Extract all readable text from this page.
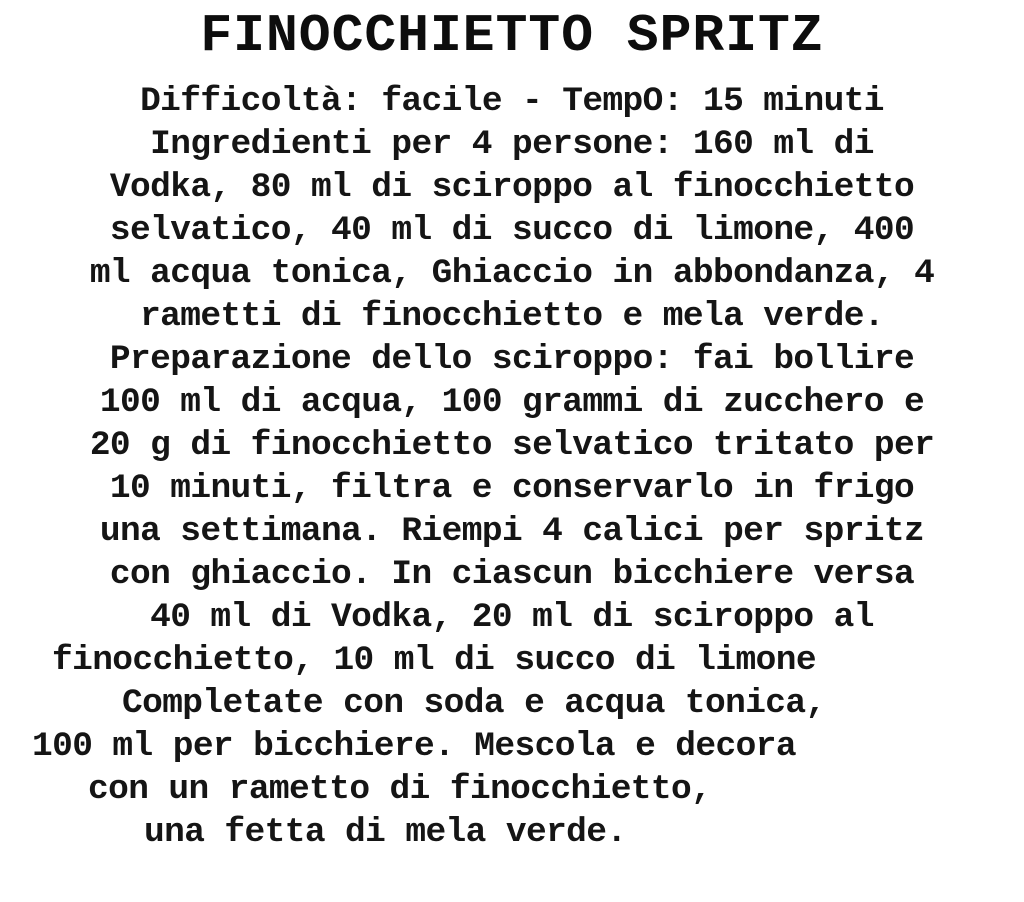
FINOCCHIETTO SPRITZ
Difficoltà: facile - TempO: 15 minuti
Ingredienti per 4 persone: 160 ml di
Vodka, 80 ml di sciroppo al finocchietto
selvatico, 40 ml di succo di limone, 400
ml acqua tonica, Ghiaccio in abbondanza, 4
rametti di finocchietto e mela verde.
Preparazione dello sciroppo: fai bollire
100 ml di acqua, 100 grammi di zucchero e
20 g di finocchietto selvatico tritato per
10 minuti, filtra e conservarlo in frigo
una settimana. Riempi 4 calici per spritz
con ghiaccio. In ciascun bicchiere versa
40 ml di Vodka, 20 ml di sciroppo al
finocchietto, 10 ml di succo di limone
Completate con soda e acqua tonica,
100 ml per bicchiere. Mescola e decora
con un rametto di finocchietto,
una fetta di mela verde.
